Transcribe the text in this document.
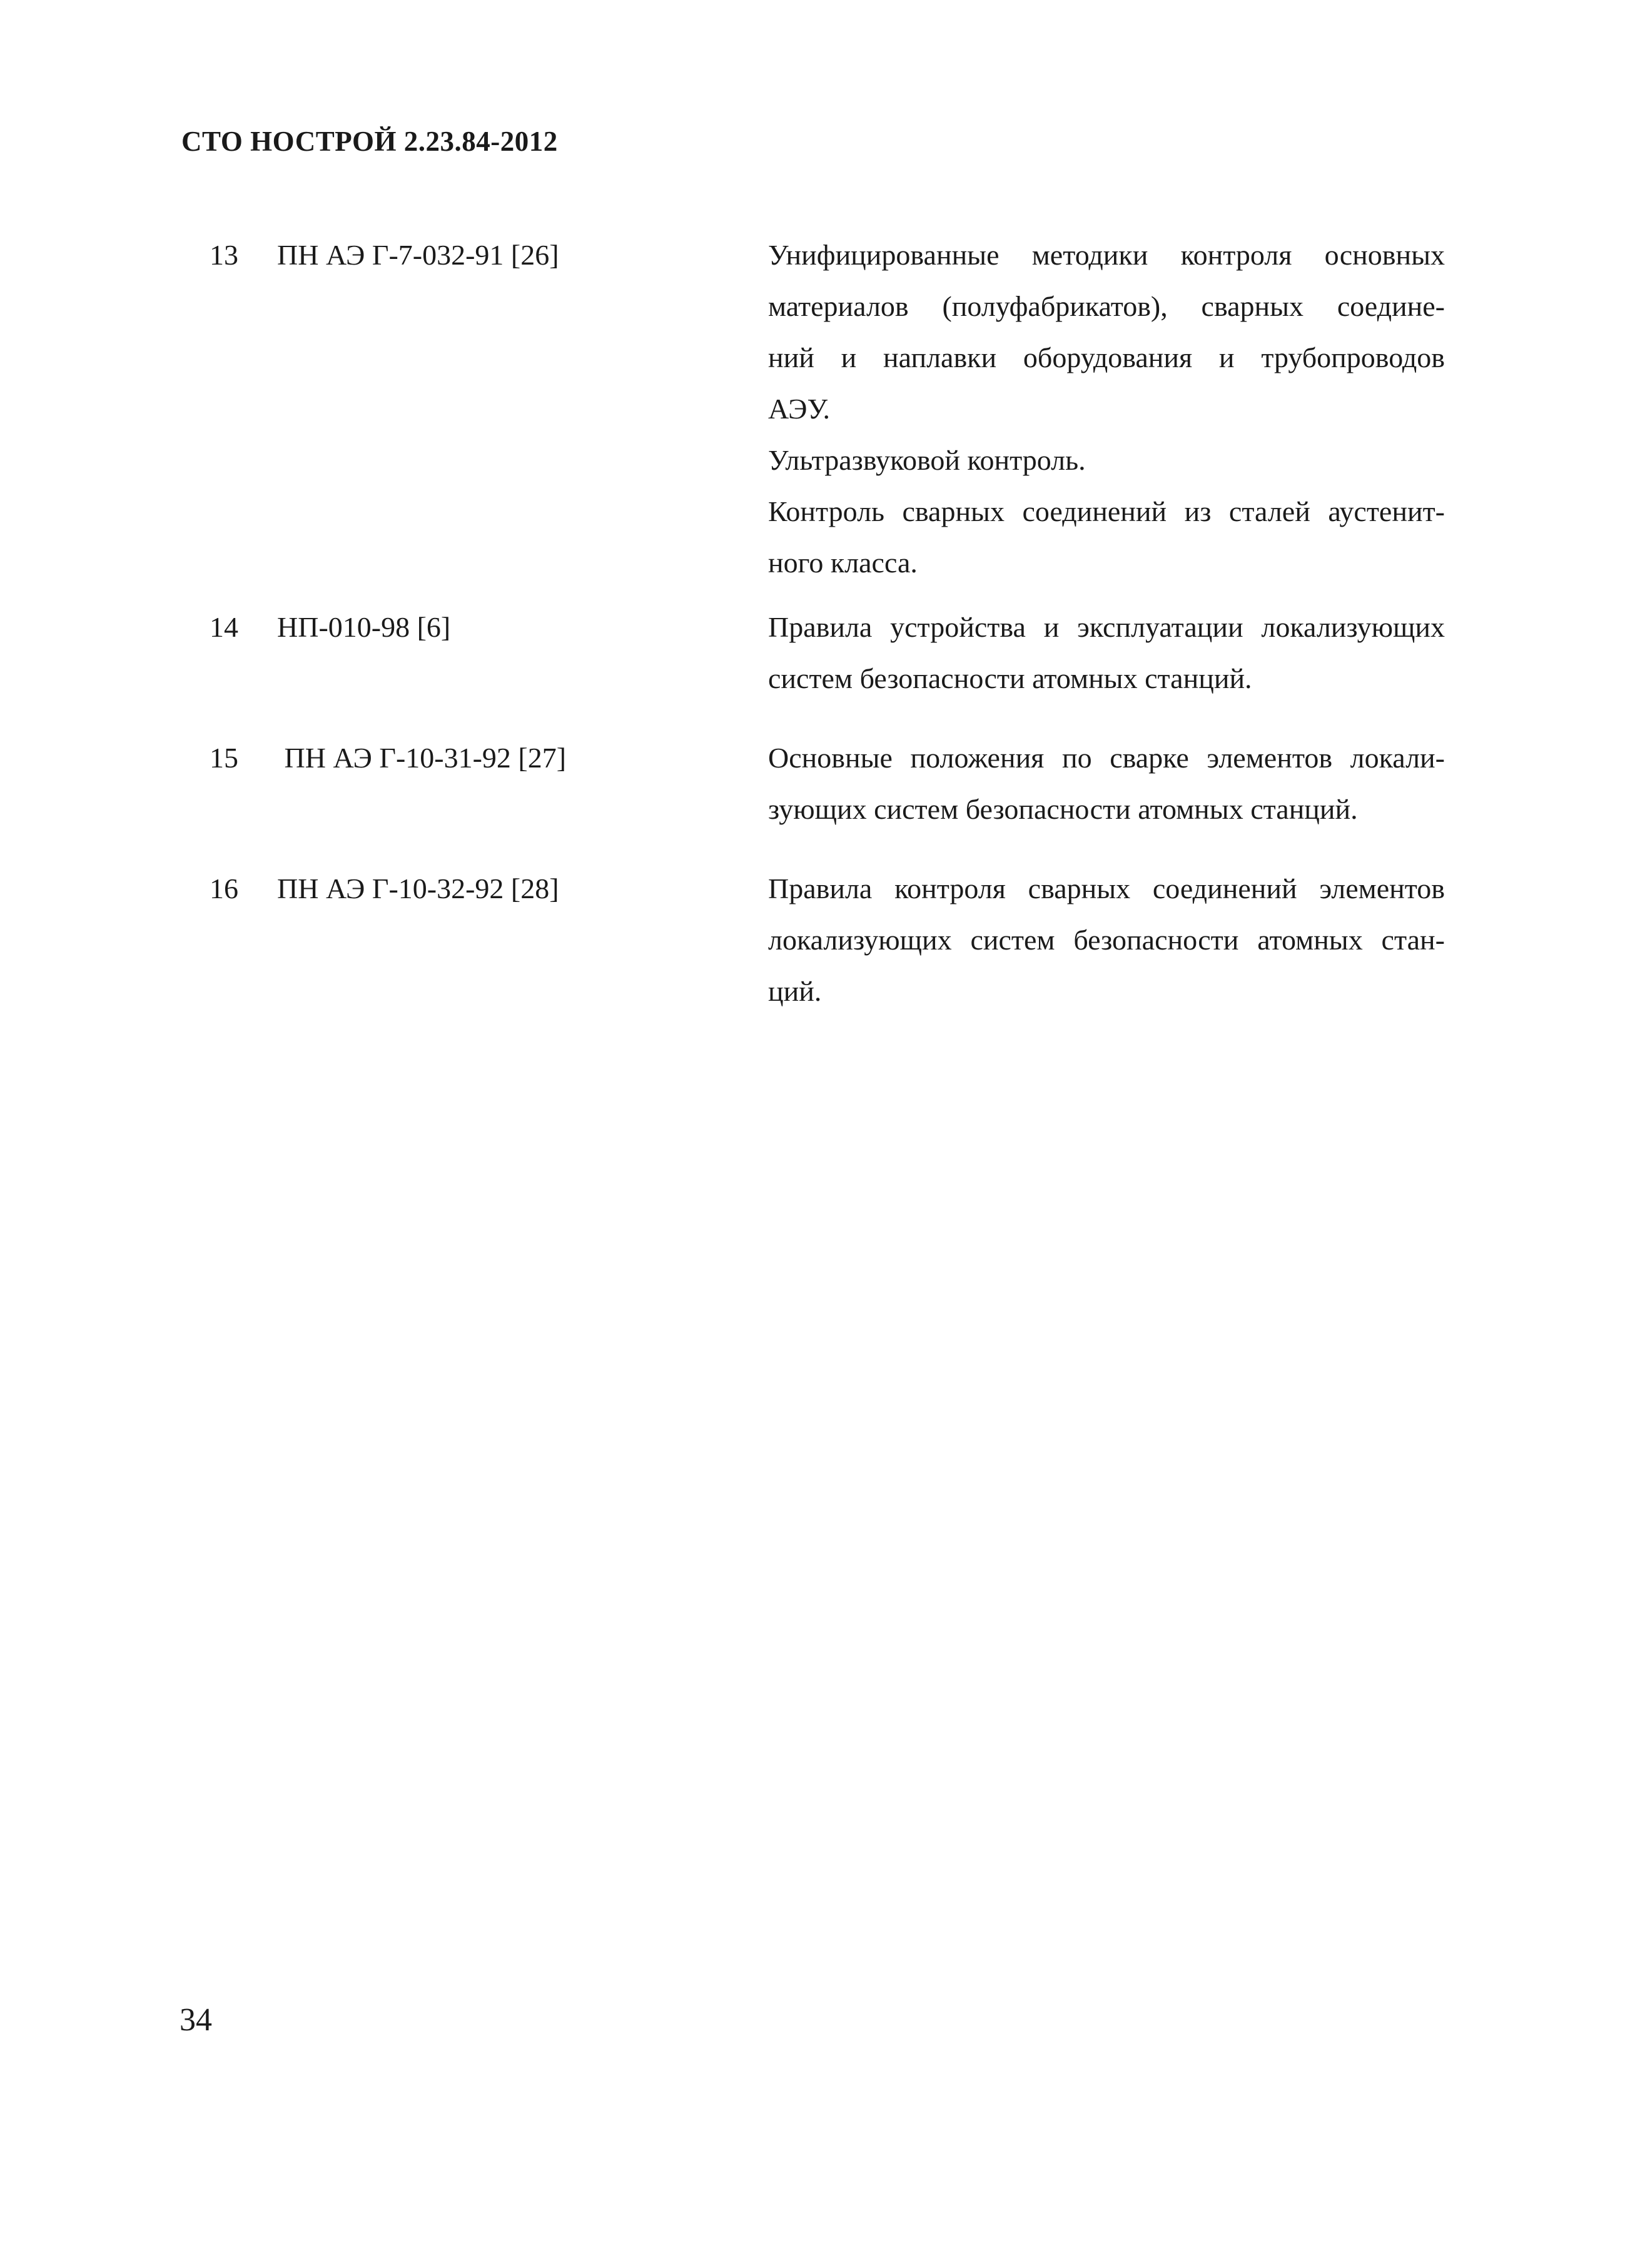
СТО НОСТРОЙ 2.23.84-2012
13 ПН АЭ Г-7-032-91 [26]	Унифицированные методики контроля основных
материалов (полуфабрикатов), сварных соедине-
ний и наплавки оборудования и трубопроводов
АЭУ.
Ультразвуковой контроль.
Контроль сварных соединений из сталей аустенит-
ного класса.
14 НП-010-98 [6]	Правила устройства и эксплуатации локализующих
систем безопасности атомных станций.
15 ПН АЭ Г-10-31-92 [27]	Основные положения по сварке элементов локали-
зующих систем безопасности атомных станций.
16 ПН АЭ Г-10-32-92 [28]	Правила контроля сварных соединений элементов
локализующих систем безопасности атомных стан-
ций.
34
